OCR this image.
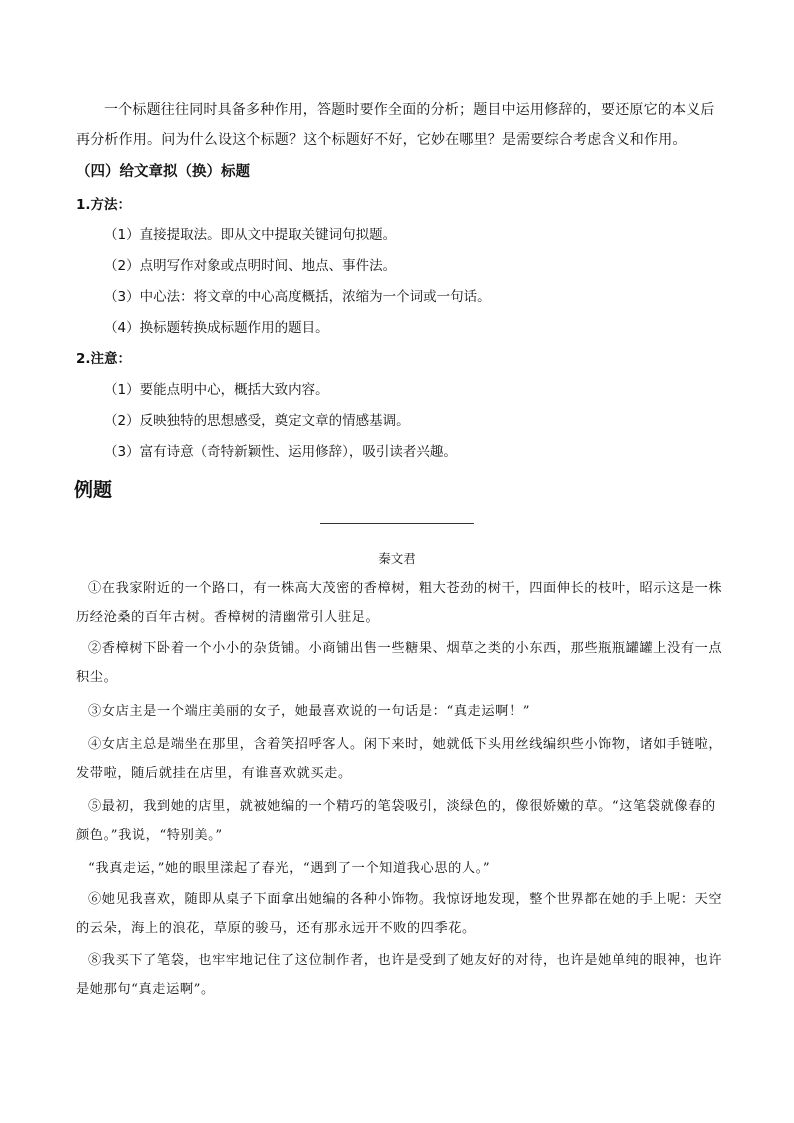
一个标题往往同时具备多种作用，答题时要作全面的分析；题目中运用修辞的，要还原它的本义后再分析作用。问为什么设这个标题？这个标题好不好，它妙在哪里？是需要综合考虑含义和作用。

（四）给文章拟（换）标题

1.方法：

（1）直接提取法。即从文中提取关键词句拟题。

（2）点明写作对象或点明时间、地点、事件法。

（3）中心法：将文章的中心高度概括，浓缩为一个词或一句话。

（4）换标题转换成标题作用的题目。

2.注意：

（1）要能点明中心，概括大致内容。

（2）反映独特的思想感受，奠定文章的情感基调。

（3）富有诗意（奇特新颖性、运用修辞），吸引读者兴趣。

例题

秦文君

①在我家附近的一个路口，有一株高大茂密的香樟树，粗大苍劲的树干，四面伸长的枝叶，昭示这是一株历经沧桑的百年古树。香樟树的清幽常引人驻足。

②香樟树下卧着一个小小的杂货铺。小商铺出售一些糖果、烟草之类的小东西，那些瓶瓶罐罐上没有一点积尘。

③女店主是一个端庄美丽的女子，她最喜欢说的一句话是：“真走运啊！”

④女店主总是端坐在那里，含着笑招呼客人。闲下来时，她就低下头用丝线编织些小饰物，诸如手链啦，发带啦，随后就挂在店里，有谁喜欢就买走。

⑤最初，我到她的店里，就被她编的一个精巧的笔袋吸引，淡绿色的，像很娇嫩的草。“这笔袋就像春的颜色。”我说，“特别美。”

“我真走运，”她的眼里漾起了春光，“遇到了一个知道我心思的人。”

⑥她见我喜欢，随即从桌子下面拿出她编的各种小饰物。我惊讶地发现，整个世界都在她的手上呢：天空的云朵，海上的浪花，草原的骏马，还有那永远开不败的四季花。

⑧我买下了笔袋，也牢牢地记住了这位制作者，也许是受到了她友好的对待，也许是她单纯的眼神，也许是她那句“真走运啊”。
